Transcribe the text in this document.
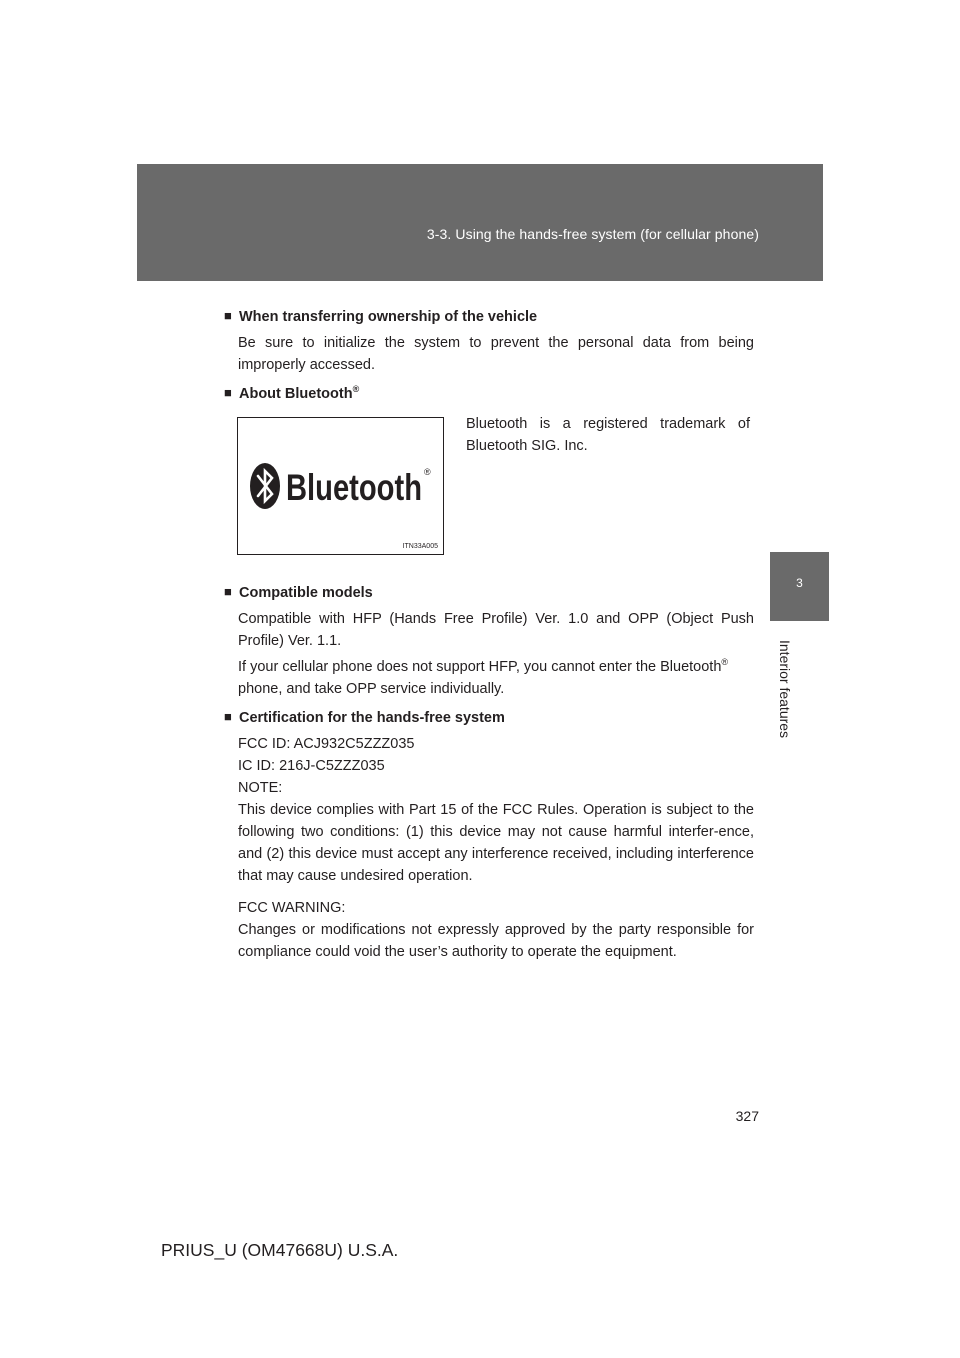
3-3. Using the hands-free system (for cellular phone)
3
Interior features
■ When transferring ownership of the vehicle

Be sure to initialize the system to prevent the personal data from being improperly accessed.

■ About Bluetooth®
Bluetooth ®
ITN33A005
Bluetooth is a registered trademark of Bluetooth SIG. Inc.
■ Compatible models

Compatible with HFP (Hands Free Profile) Ver. 1.0 and OPP (Object Push Profile) Ver. 1.1.

If your cellular phone does not support HFP, you cannot enter the Bluetooth®
phone, and take OPP service individually.

■ Certification for the hands-free system
FCC ID: ACJ932C5ZZZ035
IC ID: 216J-C5ZZZ035
NOTE:
This device complies with Part 15 of the FCC Rules. Operation is subject to the following two conditions: (1) this device may not cause harmful interfer-ence, and (2) this device must accept any interference received, including interference that may cause undesired operation.
FCC WARNING:
Changes or modifications not expressly approved by the party responsible for compliance could void the user’s authority to operate the equipment.
327
PRIUS_U (OM47668U) U.S.A.
